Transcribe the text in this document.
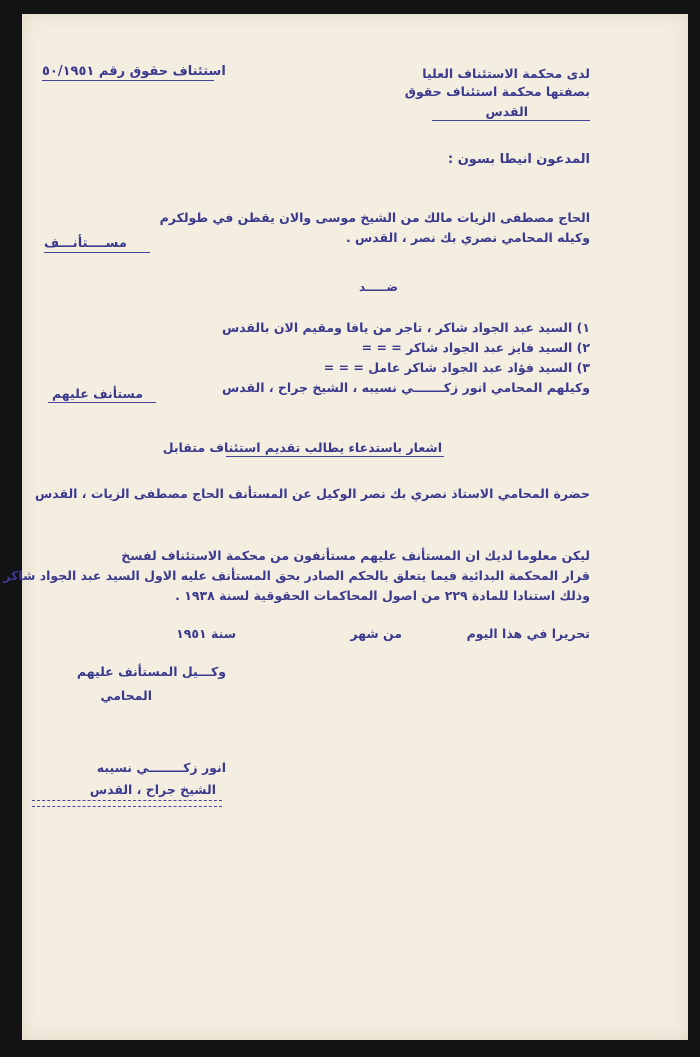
استئناف حقوق رقم ٥٠/١٩٥١	لدى محكمة الاستئناف العليا
بصفتها محكمة استئناف حقوق
القدس
المدعون انيطا بسون :
الحاج مصطفى الزيات مالك من الشيخ موسى والان يقطن في طولكرم
وكيله المحامي نصري بك نصر ، القدس .
مســــتأنـــف
ضـــــد
١) السيد عبد الجواد شاكر ، تاجر من يافا ومقيم الان بالقدس
٢) السيد فايز عبد الجواد شاكر = = =
٣) السيد فؤاد عبد الجواد شاكر عامل = = =
وكيلهم المحامي انور زكـــــــي نسيبه ، الشيخ جراح ، القدس
مستأنف عليهم
اشعار باستدعاء يطالب تقديم استئناف متقابل
حضرة المحامي الاستاذ نصري بك نصر الوكيل عن المستأنف الحاج مصطفى الزيات ، القدس
ليكن معلوما لديك ان المستأنف عليهم مستأنفون من محكمة الاستئناف لفسخ
قرار المحكمة البدائية فيما يتعلق بالحكم الصادر بحق المستأنف عليه الاول السيد عبد الجواد شاكر
وذلك استنادا للمادة ٢٢٩ من اصول المحاكمات الحقوقية لسنة ١٩٣٨ .
تحريرا في هذا اليوم
من شهر
سنة ١٩٥١
وكـــيل المستأنف عليهم
المحامي
انور زكــــــــي نسيبه
الشيخ جراح ، القدس
